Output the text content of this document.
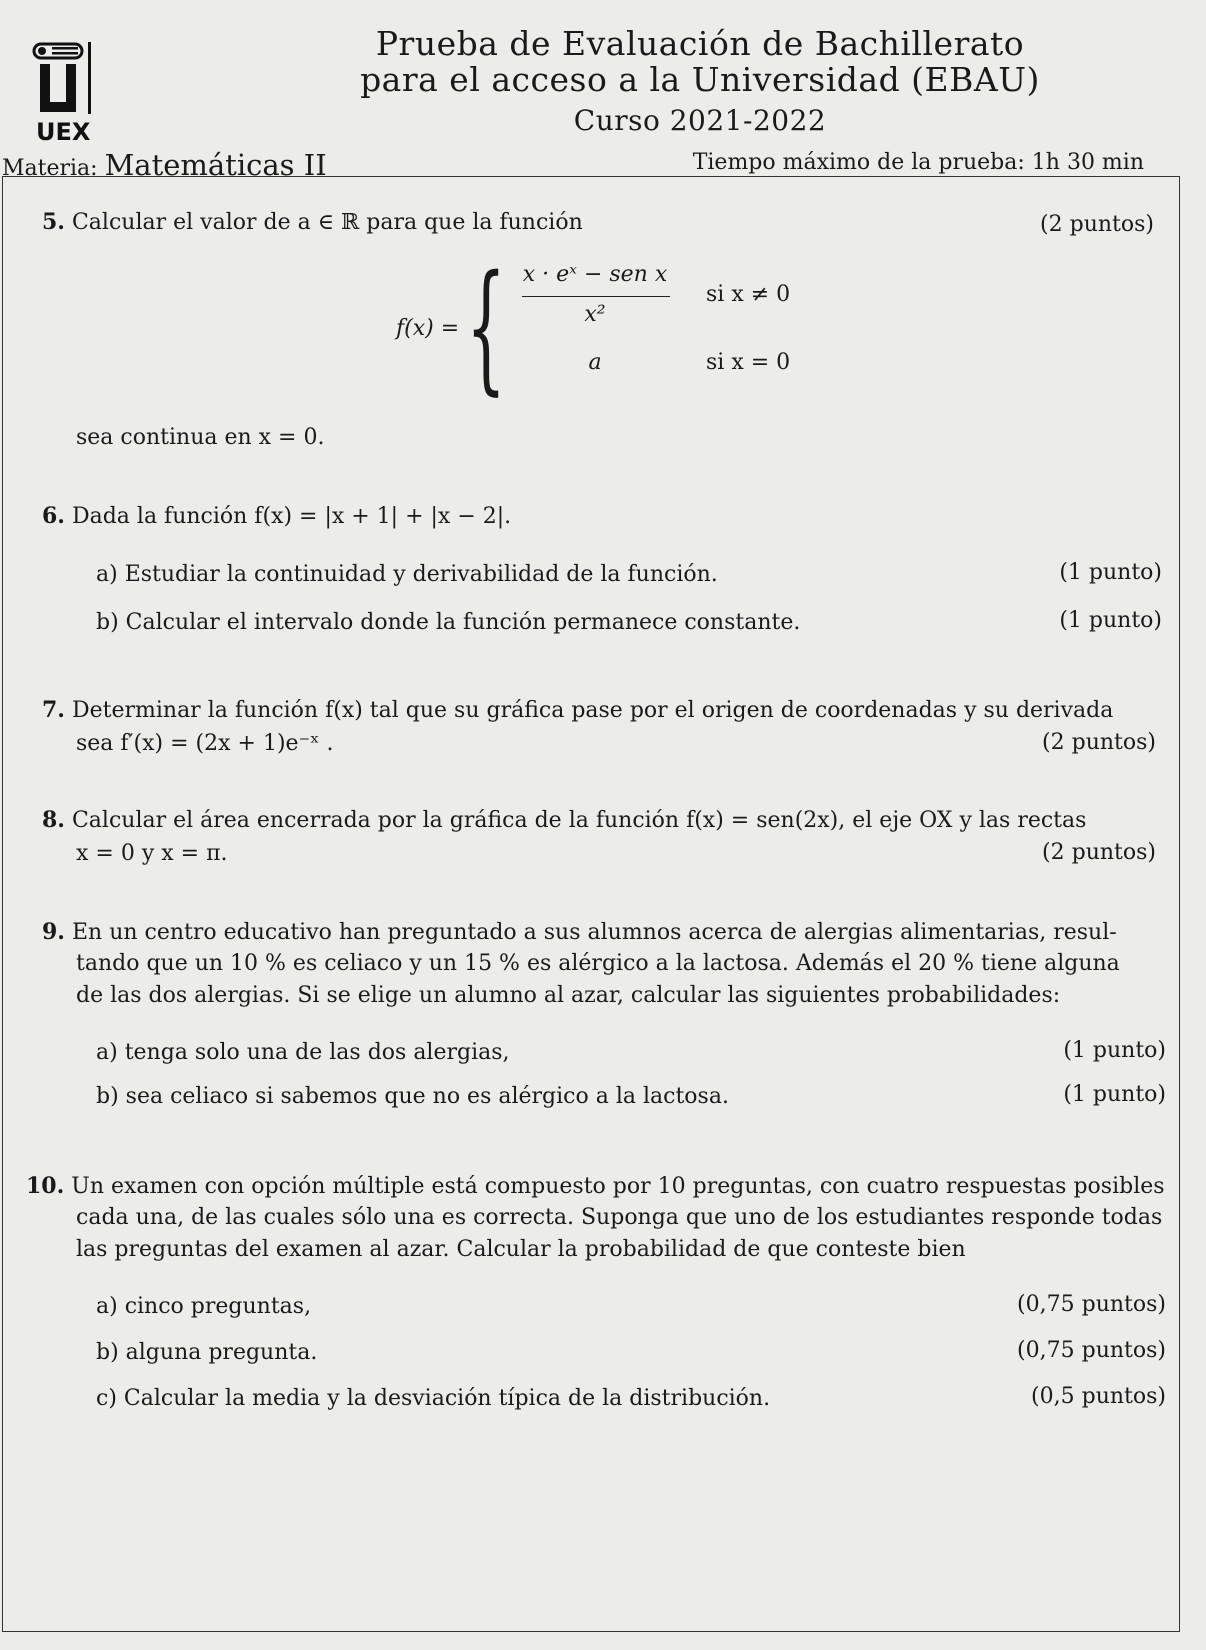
UEX
Prueba de Evaluación de Bachillerato
para el acceso a la Universidad (EBAU)
Curso 2021-2022
Materia: Matemáticas II	Tiempo máximo de la prueba: 1h 30 min
5. Calcular el valor de a ∈ ℝ para que la función	(2 puntos)
f(x) = { x · eˣ − sen x
x²
si x ≠ 0
a	si x = 0
sea continua en x = 0.
6. Dada la función f(x) = |x + 1| + |x − 2|.
a) Estudiar la continuidad y derivabilidad de la función.	(1 punto)
b) Calcular el intervalo donde la función permanece constante.	(1 punto)
7. Determinar la función f(x) tal que su gráfica pase por el origen de coordenadas y su derivada
sea f′(x) = (2x + 1)e⁻ˣ .	(2 puntos)
8. Calcular el área encerrada por la gráfica de la función f(x) = sen(2x), el eje OX y las rectas
x = 0 y x = π.	(2 puntos)
9. En un centro educativo han preguntado a sus alumnos acerca de alergias alimentarias, resul-
tando que un 10 % es celiaco y un 15 % es alérgico a la lactosa. Además el 20 % tiene alguna
de las dos alergias. Si se elige un alumno al azar, calcular las siguientes probabilidades:
a) tenga solo una de las dos alergias,	(1 punto)
b) sea celiaco si sabemos que no es alérgico a la lactosa.	(1 punto)
10. Un examen con opción múltiple está compuesto por 10 preguntas, con cuatro respuestas posibles
cada una, de las cuales sólo una es correcta. Suponga que uno de los estudiantes responde todas
las preguntas del examen al azar. Calcular la probabilidad de que conteste bien
a) cinco preguntas,	(0,75 puntos)
b) alguna pregunta.	(0,75 puntos)
c) Calcular la media y la desviación típica de la distribución.	(0,5 puntos)
